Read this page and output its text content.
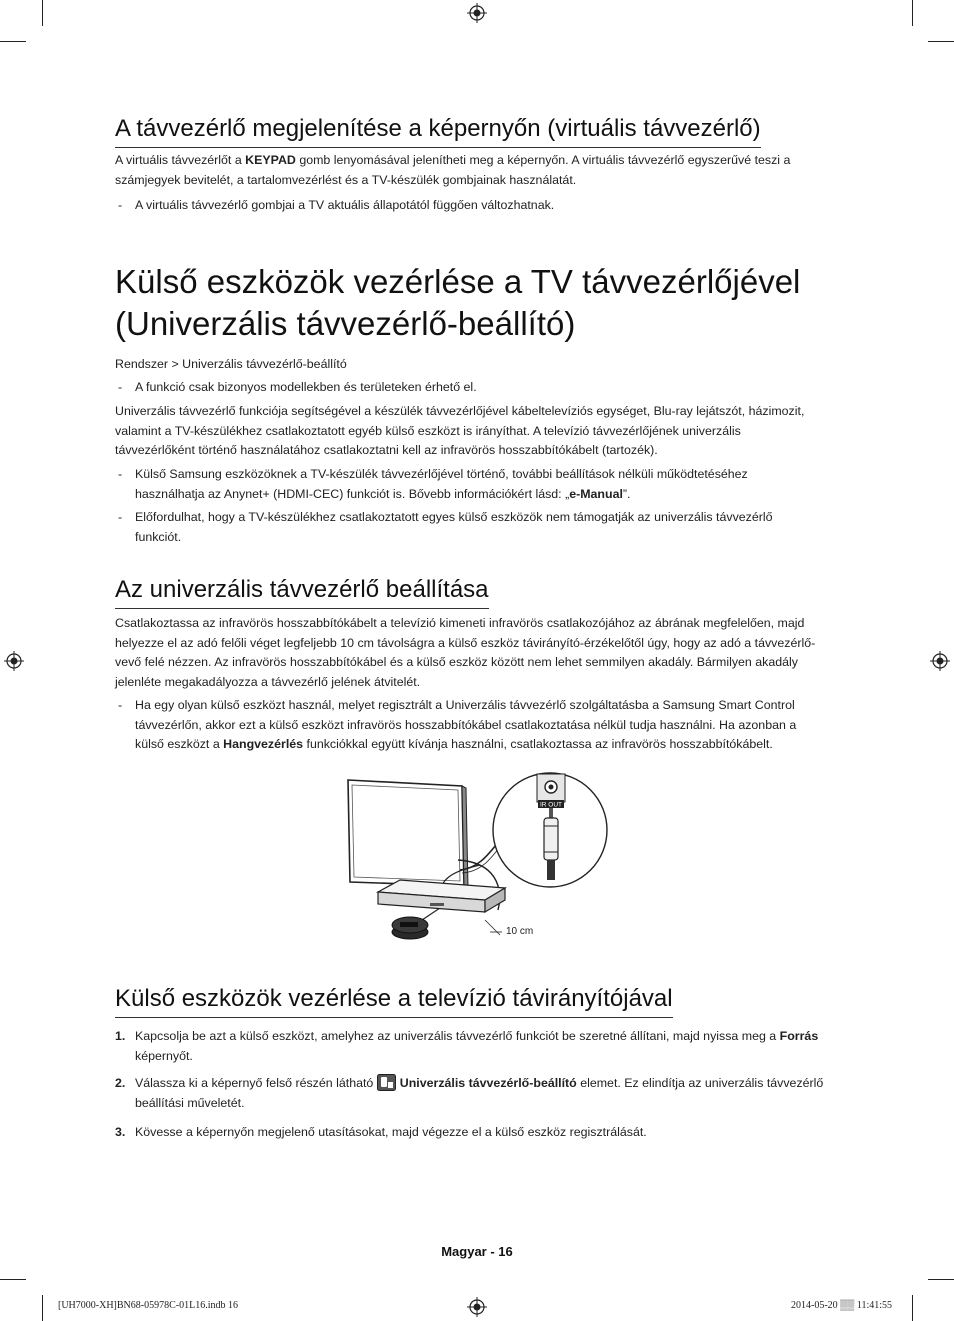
A távvezérlő megjelenítése a képernyőn (virtuális távvezérlő)

A virtuális távvezérlőt a KEYPAD gomb lenyomásával jelenítheti meg a képernyőn. A virtuális távvezérlő egyszerűvé teszi a
számjegyek bevitelét, a tartalomvezérlést és a TV-készülék gombjainak használatát.

- A virtuális távvezérlő gombjai a TV aktuális állapotától függően változhatnak.

Külső eszközök vezérlése a TV távvezérlőjével
(Univerzális távvezérlő-beállító)

Rendszer > Univerzális távvezérlő-beállító

- A funkció csak bizonyos modellekben és területeken érhető el.

Univerzális távvezérlő funkciója segítségével a készülék távvezérlőjével kábeltelevíziós egységet, Blu-ray lejátszót, házimozit,
valamint a TV-készülékhez csatlakoztatott egyéb külső eszközt is irányíthat. A televízió távvezérlőjének univerzális
távvezérlőként történő használatához csatlakoztatni kell az infravörös hosszabbítókábelt (tartozék).

- Külső Samsung eszközöknek a TV-készülék távvezérlőjével történő, további beállítások nélküli működtetéséhez
használhatja az Anynet+ (HDMI-CEC) funkciót is. Bővebb információkért lásd: „e-Manual”.

- Előfordulhat, hogy a TV-készülékhez csatlakoztatott egyes külső eszközök nem támogatják az univerzális távvezérlő
funkciót.

Az univerzális távvezérlő beállítása

Csatlakoztassa az infravörös hosszabbítókábelt a televízió kimeneti infravörös csatlakozójához az ábrának megfelelően, majd
helyezze el az adó felőli véget legfeljebb 10 cm távolságra a külső eszköz távirányító-érzékelőtől úgy, hogy az adó a távvezérlő-
vevő felé nézzen. Az infravörös hosszabbítókábel és a külső eszköz között nem lehet semmilyen akadály. Bármilyen akadály
jelenléte megakadályozza a távvezérlő jelének átvitelét.

- Ha egy olyan külső eszközt használ, melyet regisztrált a Univerzális távvezérlő szolgáltatásba a Samsung Smart Control
távvezérlőn, akkor ezt a külső eszközt infravörös hosszabbítókábel csatlakoztatása nélkül tudja használni. Ha azonban a
külső eszközt a Hangvezérlés funkciókkal együtt kívánja használni, csatlakoztassa az infravörös hosszabbítókábelt.

10 cm
IR OUT
Külső eszközök vezérlése a televízió távirányítójával

1. Kapcsolja be azt a külső eszközt, amelyhez az univerzális távvezérlő funkciót be szeretné állítani, majd nyissa meg a Forrás
képernyőt.

2. Válassza ki a képernyő felső részén látható Univerzális távvezérlő-beállító elemet. Ez elindítja az univerzális távvezérlő
beállítási műveletét.

3. Kövesse a képernyőn megjelenő utasításokat, majd végezze el a külső eszköz regisztrálását.

Magyar - 16
[UH7000-XH]BN68-05978C-01L16.indb 16	2014-05-20 ▒▒ 11:41:55
